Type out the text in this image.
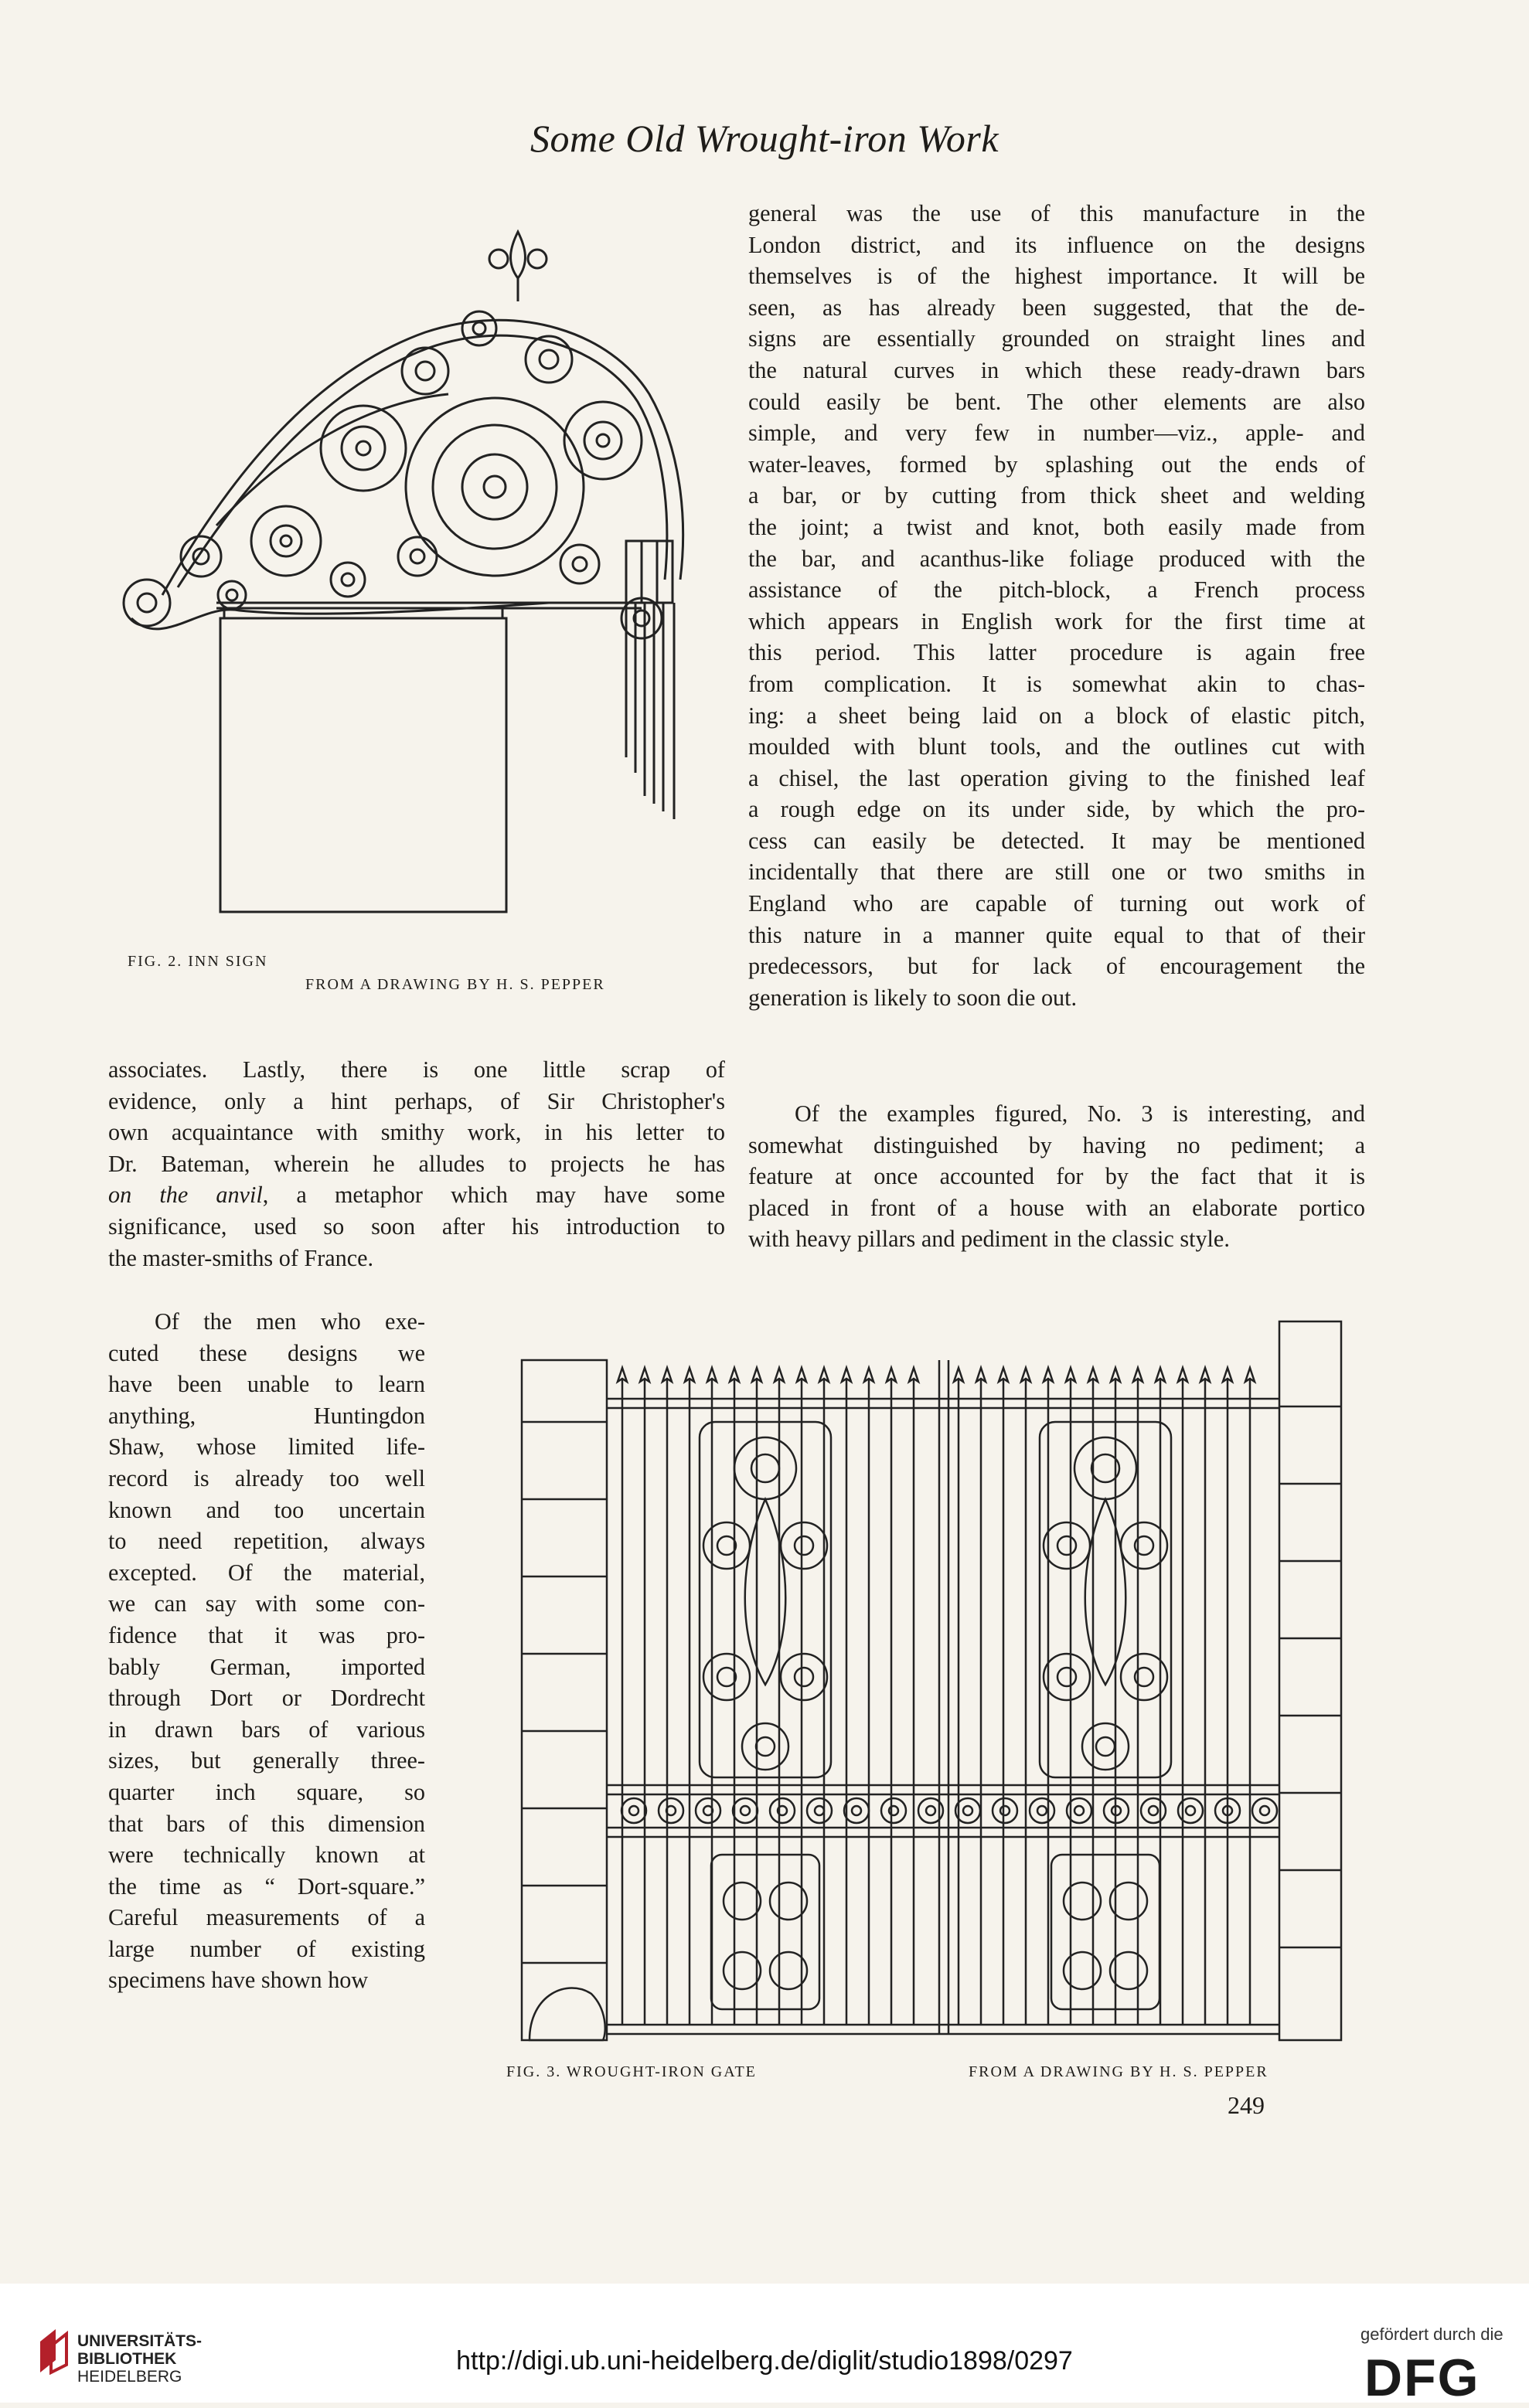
Some Old Wrought-iron Work
FIG. 2. INN SIGN
FROM A DRAWING BY H. S. PEPPER
general was the use of this manufacture in the
London district, and its influence on the designs
themselves is of the highest importance. It will be
seen, as has already been suggested, that the de-
signs are essentially grounded on straight lines and
the natural curves in which these ready-drawn bars
could easily be bent. The other elements are also
simple, and very few in number—viz., apple- and
water-leaves, formed by splashing out the ends of
a bar, or by cutting from thick sheet and welding
the joint; a twist and knot, both easily made from
the bar, and acanthus-like foliage produced with the
assistance of the pitch-block, a French process
which appears in English work for the first time at
this period. This latter procedure is again free
from complication. It is somewhat akin to chas-
ing: a sheet being laid on a block of elastic pitch,
moulded with blunt tools, and the outlines cut with
a chisel, the last operation giving to the finished leaf
a rough edge on its under side, by which the pro-
cess can easily be detected. It may be mentioned
incidentally that there are still one or two smiths in
England who are capable of turning out work of
this nature in a manner quite equal to that of their
predecessors, but for lack of encouragement the
generation is likely to soon die out.
Of the examples figured, No. 3 is interesting, and
somewhat distinguished by having no pediment; a
feature at once accounted for by the fact that it is
placed in front of a house with an elaborate portico
with heavy pillars and pediment in the classic style.
associates. Lastly, there is one little scrap of
evidence, only a hint perhaps, of Sir Christopher's
own acquaintance with smithy work, in his letter to
Dr. Bateman, wherein he alludes to projects he has
on the anvil, a metaphor which may have some
significance, used so soon after his introduction to
the master-smiths of France.
Of the men who exe-
cuted these designs we
have been unable to learn
anything, Huntingdon
Shaw, whose limited life-
record is already too well
known and too uncertain
to need repetition, always
excepted. Of the material,
we can say with some con-
fidence that it was pro-
bably German, imported
through Dort or Dordrecht
in drawn bars of various
sizes, but generally three-
quarter inch square, so
that bars of this dimension
were technically known at
the time as “ Dort-square.”
Careful measurements of a
large number of existing
specimens have shown how
FIG. 3. WROUGHT-IRON GATE	FROM A DRAWING BY H. S. PEPPER
249
UNIVERSITÄTS-
BIBLIOTHEK
HEIDELBERG
http://digi.ub.uni-heidelberg.de/diglit/studio1898/0297
gefördert durch die
DFG
